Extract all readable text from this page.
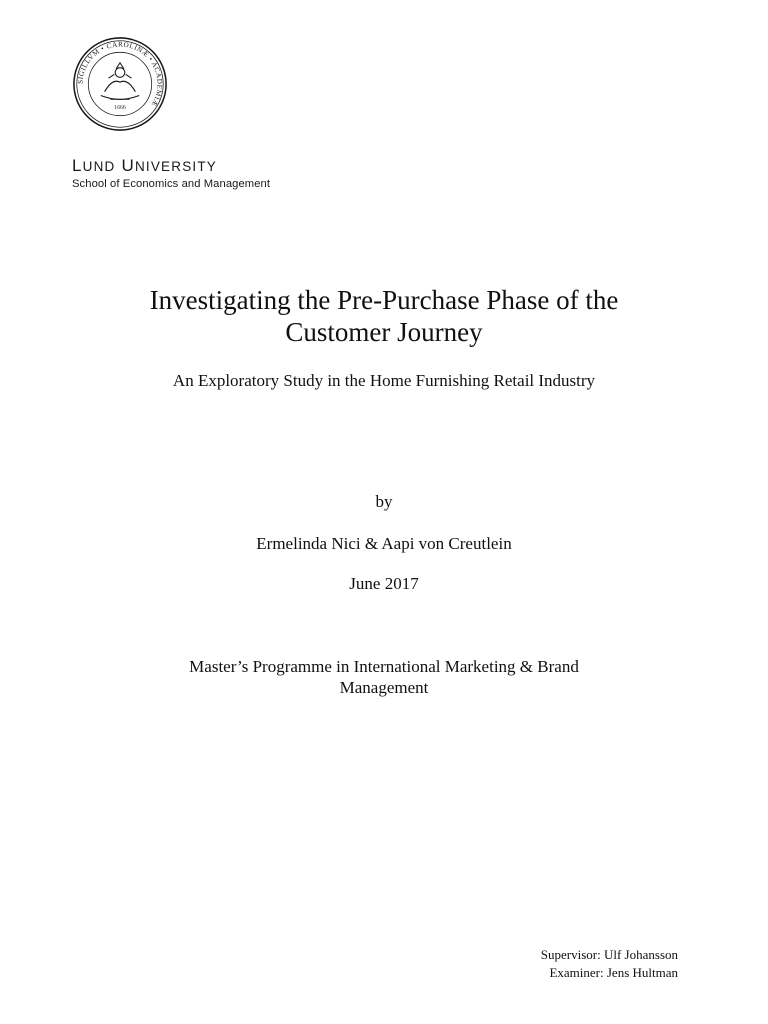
SIGILLVM • CAROLINÆ • ACADEMIÆ
1666
LUND UNIVERSITY
School of Economics and Management
Investigating the Pre-Purchase Phase of the
Customer Journey
An Exploratory Study in the Home Furnishing Retail Industry
by
Ermelinda Nici & Aapi von Creutlein
June 2017
Master’s Programme in International Marketing & Brand
Management
Supervisor: Ulf Johansson
Examiner: Jens Hultman
